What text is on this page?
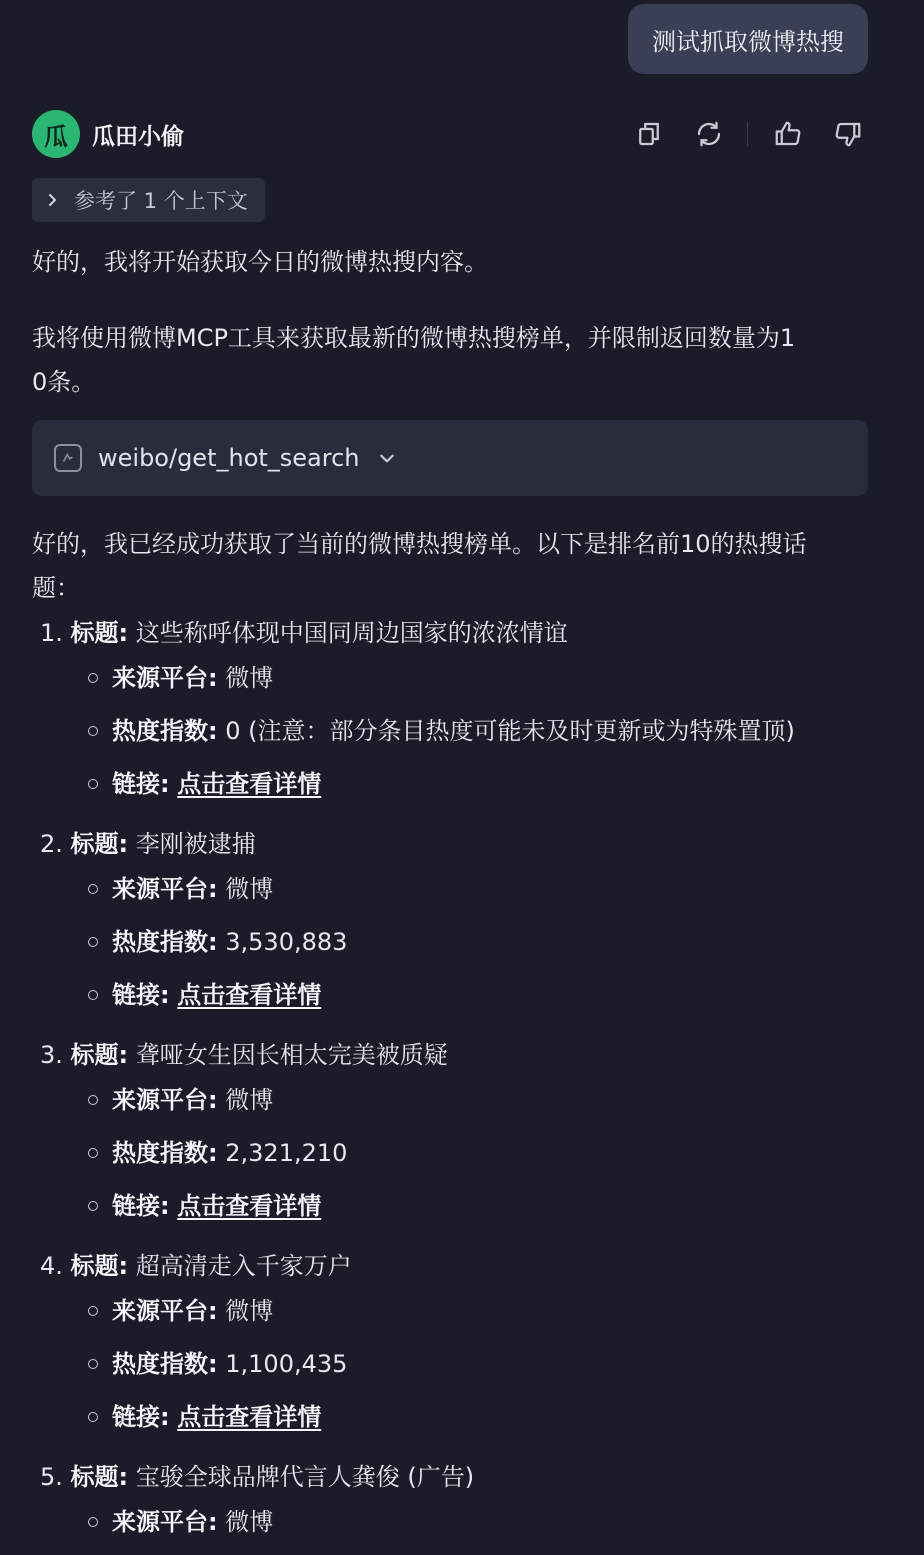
测试抓取微博热搜
瓜 瓜田小偷
参考了 1 个上下文
好的，我将开始获取今日的微博热搜内容。
我将使用微博MCP工具来获取最新的微博热搜榜单，并限制返回数量为1
0条。
weibo/get_hot_search
好的，我已经成功获取了当前的微博热搜榜单。以下是排名前10的热搜话
题：
1. 标题: 这些称呼体现中国同周边国家的浓浓情谊
来源平台: 微博
热度指数: 0 (注意：部分条目热度可能未及时更新或为特殊置顶)
链接: 点击查看详情
2. 标题: 李刚被逮捕
来源平台: 微博
热度指数: 3,530,883
链接: 点击查看详情
3. 标题: 聋哑女生因长相太完美被质疑
来源平台: 微博
热度指数: 2,321,210
链接: 点击查看详情
4. 标题: 超高清走入千家万户
来源平台: 微博
热度指数: 1,100,435
链接: 点击查看详情
5. 标题: 宝骏全球品牌代言人龚俊 (广告)
来源平台: 微博
